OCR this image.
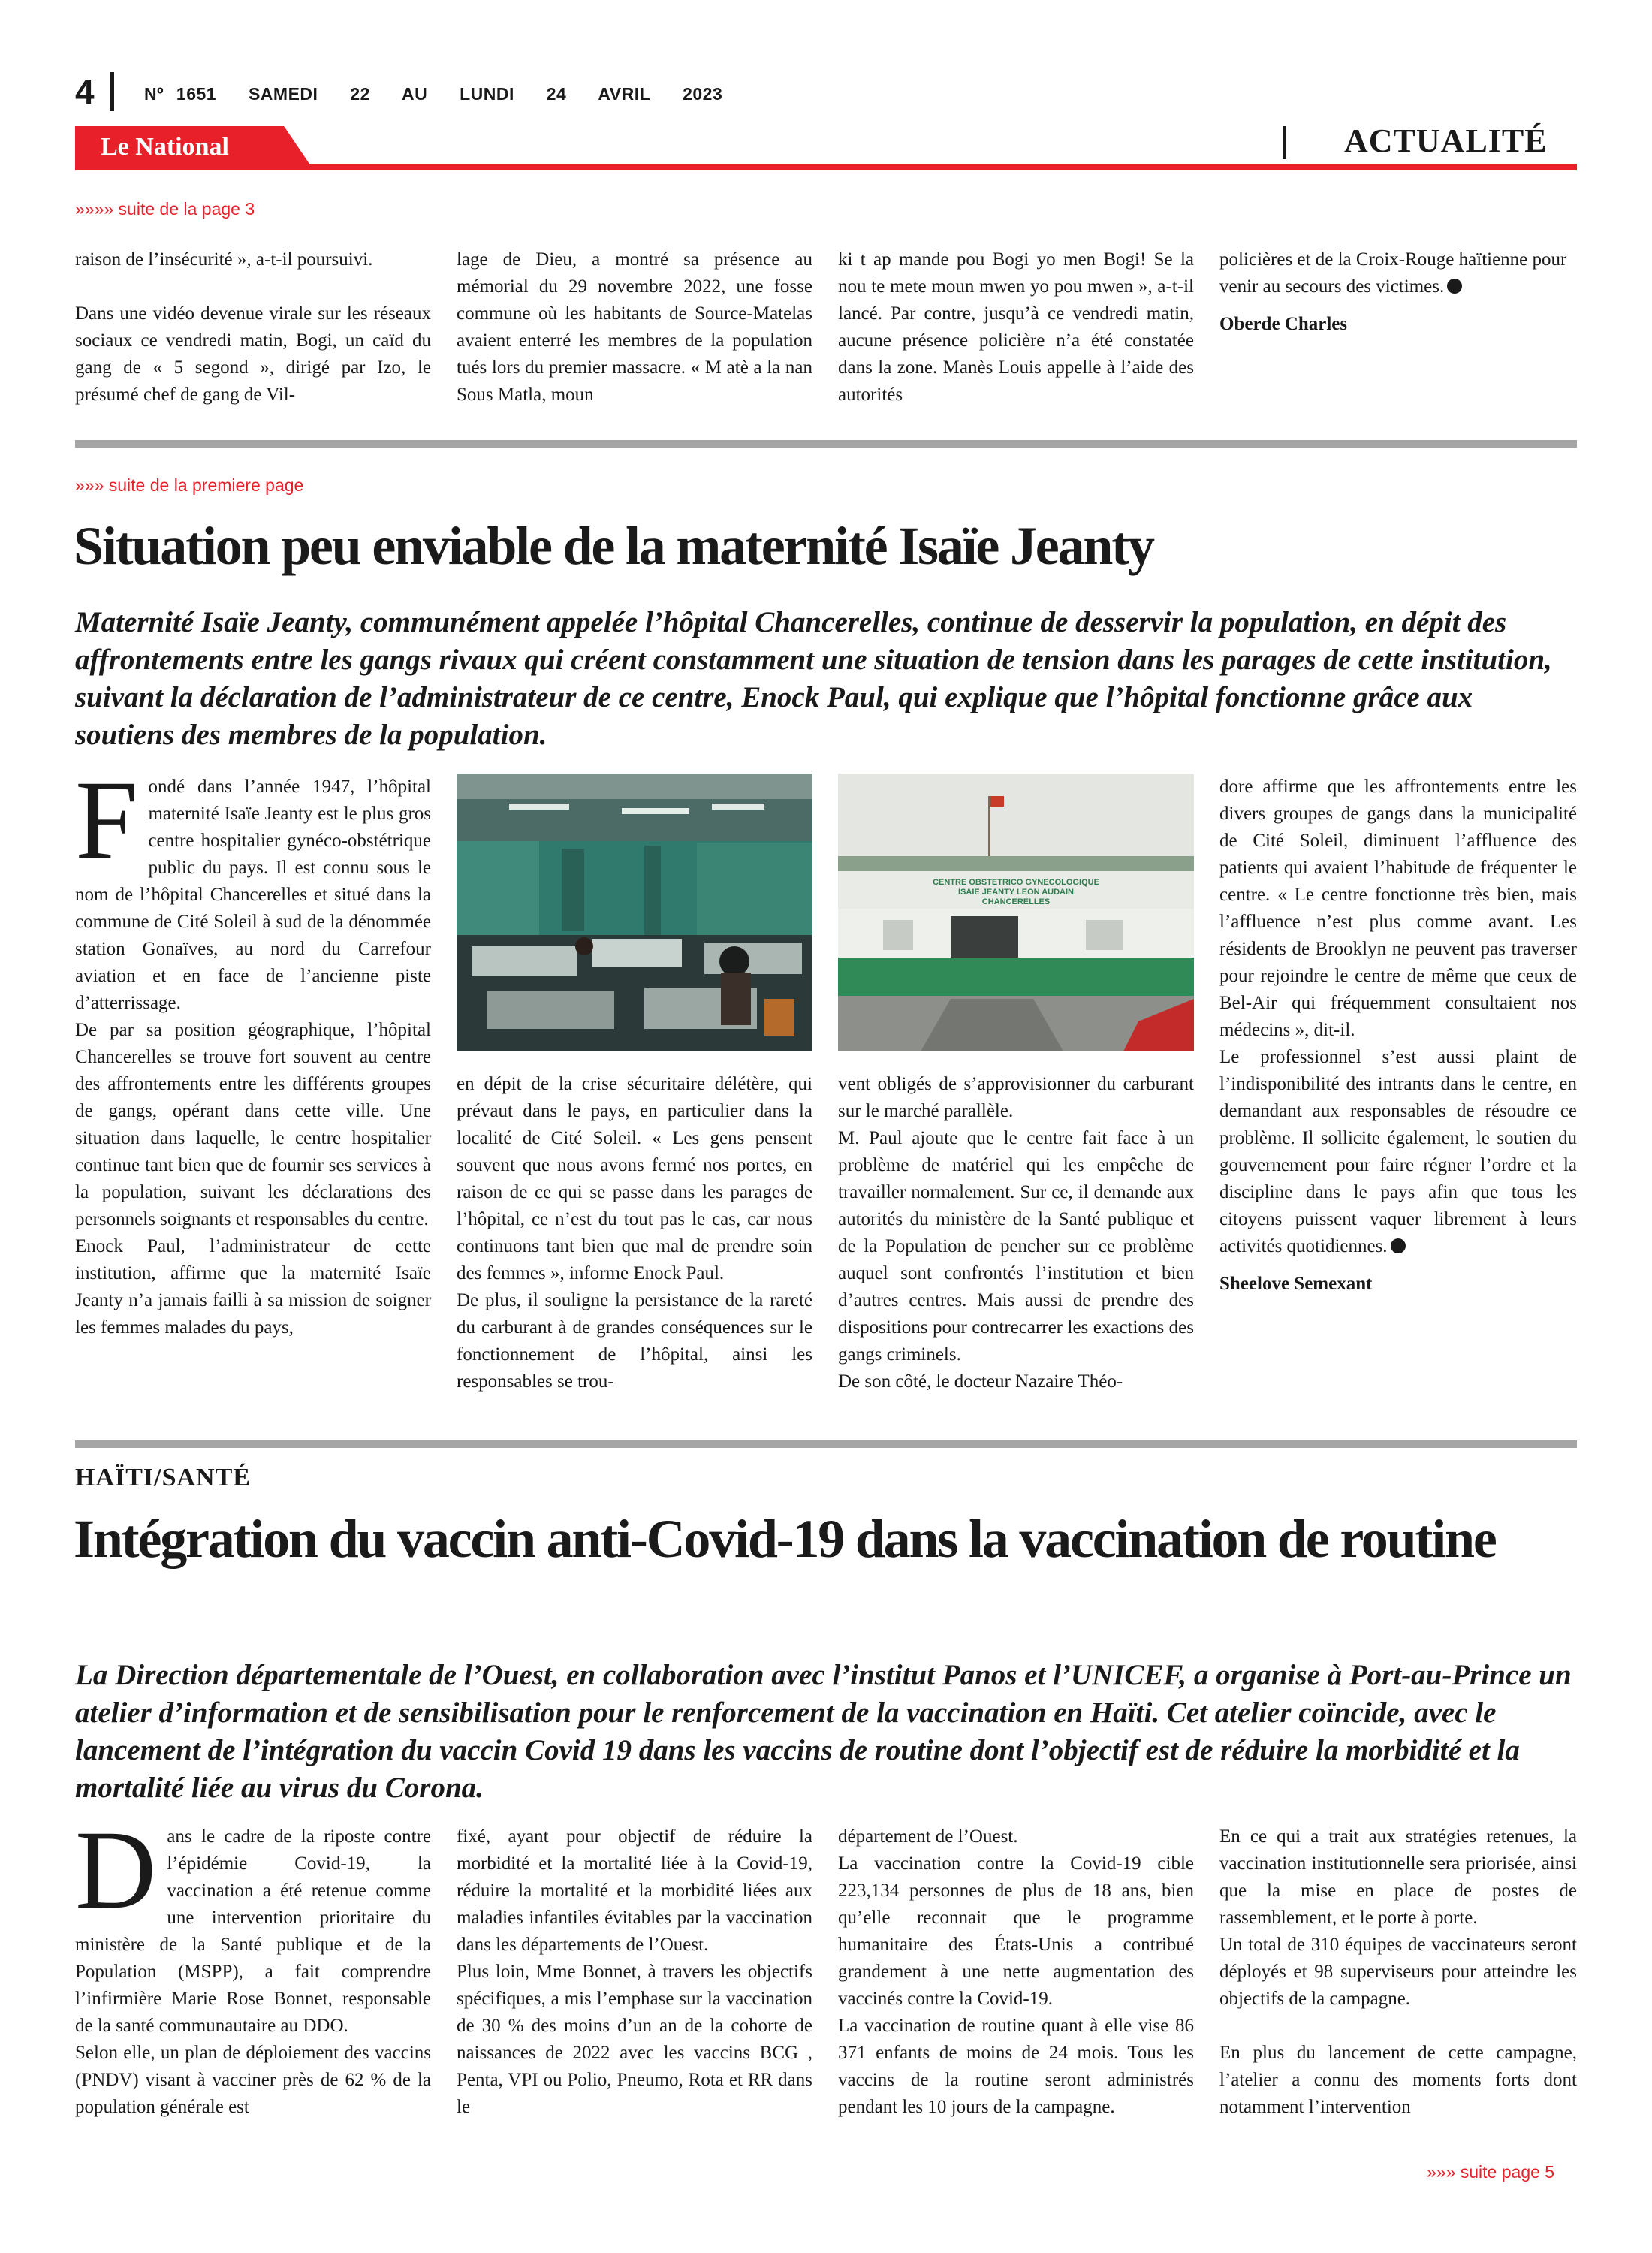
4	Nº 1651 SAMEDI 22 AU LUNDI 24 AVRIL 2023
Le National	ACTUALITÉ
»»»» suite de la page 3

raison de l’insécurité », a-t-il poursuivi.

Dans une vidéo devenue virale sur les réseaux sociaux ce vendredi matin, Bogi, un caïd du gang de « 5 segond », dirigé par Izo, le présumé chef de gang de Vil-

lage de Dieu, a montré sa présence au mémorial du 29 novembre 2022, une fosse commune où les habitants de Source-Matelas avaient enterré les membres de la population tués lors du premier massacre. « M atè a la nan Sous Matla, moun

ki t ap mande pou Bogi yo men Bogi! Se la nou te mete moun mwen yo pou mwen », a-t-il lancé. Par contre, jusqu’à ce vendredi matin, aucune présence policière n’a été constatée dans la zone. Manès Louis appelle à l’aide des autorités

policières et de la Croix-Rouge haïtienne pour venir au secours des victimes.

Oberde Charles

»»» suite de la premiere page
Situation peu enviable de la maternité Isaïe Jeanty
Maternité Isaïe Jeanty, communément appelée l’hôpital Chancerelles, continue de desservir la population, en dépit des affrontements entre les gangs rivaux qui créent constamment une situation de tension dans les parages de cette institution, suivant la déclaration de l’administrateur de ce centre, Enock Paul, qui explique que l’hôpital fonctionne grâce aux soutiens des membres de la population.

Fondé dans l’année 1947, l’hôpital maternité Isaïe Jeanty est le plus gros centre hospitalier gynéco-obstétrique public du pays. Il est connu sous le nom de l’hôpital Chancerelles et situé dans la commune de Cité Soleil à sud de la dénommée station Gonaïves, au nord du Carrefour aviation et en face de l’ancienne piste d’atterrissage.

De par sa position géographique, l’hôpital Chancerelles se trouve fort souvent au centre des affrontements entre les différents groupes de gangs, opérant dans cette ville. Une situation dans laquelle, le centre hospitalier continue tant bien que de fournir ses services à la population, suivant les déclarations des personnels soignants et responsables du centre.

Enock Paul, l’administrateur de cette institution, affirme que la maternité Isaïe Jeanty n’a jamais failli à sa mission de soigner les femmes malades du pays,

en dépit de la crise sécuritaire délétère, qui prévaut dans le pays, en particulier dans la localité de Cité Soleil. « Les gens pensent souvent que nous avons fermé nos portes, en raison de ce qui se passe dans les parages de l’hôpital, ce n’est du tout pas le cas, car nous continuons tant bien que mal de prendre soin des femmes », informe Enock Paul.

De plus, il souligne la persistance de la rareté du carburant à de grandes conséquences sur le fonctionnement de l’hôpital, ainsi les responsables se trou-

CENTRE OBSTETRICO GYNECOLOGIQUE
ISAIE JEANTY LEON AUDAIN
CHANCERELLES

vent obligés de s’approvisionner du carburant sur le marché parallèle.

M. Paul ajoute que le centre fait face à un problème de matériel qui les empêche de travailler normalement. Sur ce, il demande aux autorités du ministère de la Santé publique et de la Population de pencher sur ce problème auquel sont confrontés l’institution et bien d’autres centres. Mais aussi de prendre des dispositions pour contrecarrer les exactions des gangs criminels.

De son côté, le docteur Nazaire Théo-

dore affirme que les affrontements entre les divers groupes de gangs dans la municipalité de Cité Soleil, diminuent l’affluence des patients qui avaient l’habitude de fréquenter le centre. « Le centre fonctionne très bien, mais l’affluence n’est plus comme avant. Les résidents de Brooklyn ne peuvent pas traverser pour rejoindre le centre de même que ceux de Bel-Air qui fréquemment consultaient nos médecins », dit-il.

Le professionnel s’est aussi plaint de l’indisponibilité des intrants dans le centre, en demandant aux responsables de résoudre ce problème. Il sollicite également, le soutien du gouvernement pour faire régner l’ordre et la discipline dans le pays afin que tous les citoyens puissent vaquer librement à leurs activités quotidiennes.

Sheelove Semexant

HAÏTI/SANTÉ
Intégration du vaccin anti-Covid-19 dans la vaccination de routine
La Direction départementale de l’Ouest, en collaboration avec l’institut Panos et l’UNICEF, a organise à Port-au-Prince un atelier d’information et de sensibilisation pour le renforcement de la vaccination en Haïti. Cet atelier coïncide, avec le lancement de l’intégration du vaccin Covid 19 dans les vaccins de routine dont l’objectif est de réduire la morbidité et la mortalité liée au virus du Corona.

Dans le cadre de la riposte contre l’épidémie Covid-19, la vaccination a été retenue comme une intervention prioritaire du ministère de la Santé publique et de la Population (MSPP), a fait comprendre l’infirmière Marie Rose Bonnet, responsable de la santé communautaire au DDO.

Selon elle, un plan de déploiement des vaccins (PNDV) visant à vacciner près de 62 % de la population générale est

fixé, ayant pour objectif de réduire la morbidité et la mortalité liée à la Covid-19, réduire la mortalité et la morbidité liées aux maladies infantiles évitables par la vaccination dans les départements de l’Ouest.

Plus loin, Mme Bonnet, à travers les objectifs spécifiques, a mis l’emphase sur la vaccination de 30 % des moins d’un an de la cohorte de naissances de 2022 avec les vaccins BCG , Penta, VPI ou Polio, Pneumo, Rota et RR dans le

département de l’Ouest.

La vaccination contre la Covid-19 cible 223,134 personnes de plus de 18 ans, bien qu’elle reconnait que le programme humanitaire des États-Unis a contribué grandement à une nette augmentation des vaccinés contre la Covid-19.

La vaccination de routine quant à elle vise 86 371 enfants de moins de 24 mois. Tous les vaccins de la routine seront administrés pendant les 10 jours de la campagne.

En ce qui a trait aux stratégies retenues, la vaccination institutionnelle sera priorisée, ainsi que la mise en place de postes de rassemblement, et le porte à porte.

Un total de 310 équipes de vaccinateurs seront déployés et 98 superviseurs pour atteindre les objectifs de la campagne.

En plus du lancement de cette campagne, l’atelier a connu des moments forts dont notamment l’intervention

»»» suite page 5
